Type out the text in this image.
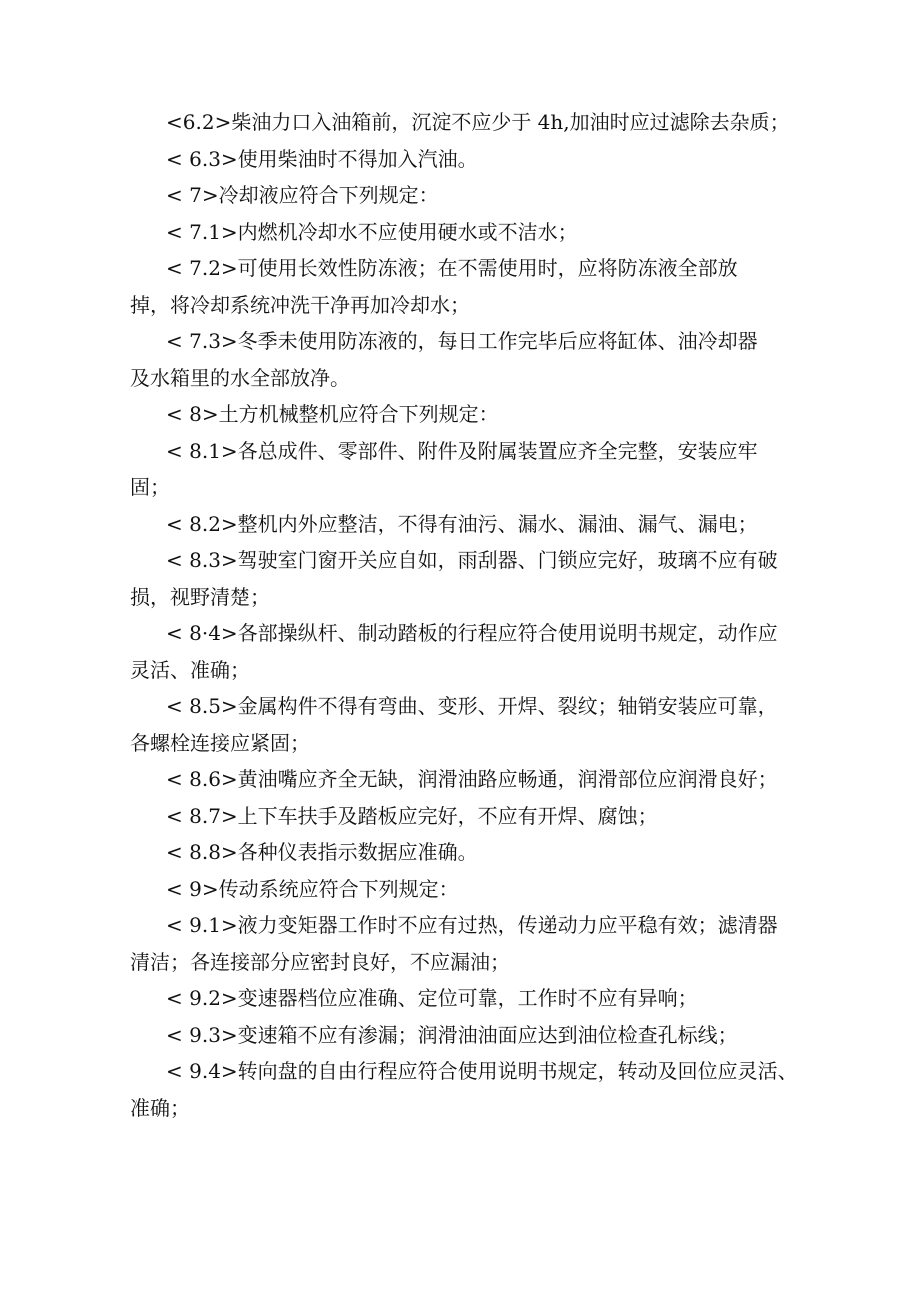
<6.2>柴油力口入油箱前，沉淀不应少于 4h,加油时应过滤除去杂质；

< 6.3>使用柴油时不得加入汽油。

< 7>冷却液应符合下列规定：

< 7.1>内燃机冷却水不应使用硬水或不洁水；

< 7.2>可使用长效性防冻液；在不需使用时，应将防冻液全部放
掉，将冷却系统冲洗干净再加冷却水；

< 7.3>冬季未使用防冻液的，每日工作完毕后应将缸体、油冷却器
及水箱里的水全部放净。

< 8>土方机械整机应符合下列规定：

< 8.1>各总成件、零部件、附件及附属装置应齐全完整，安装应牢
固；

< 8.2>整机内外应整洁，不得有油污、漏水、漏油、漏气、漏电；

< 8.3>驾驶室门窗开关应自如，雨刮器、门锁应完好，玻璃不应有破
损，视野清楚；

< 8·4>各部操纵杆、制动踏板的行程应符合使用说明书规定，动作应
灵活、准确；

< 8.5>金属构件不得有弯曲、变形、开焊、裂纹；轴销安装应可靠，
各螺栓连接应紧固；

< 8.6>黄油嘴应齐全无缺，润滑油路应畅通，润滑部位应润滑良好；

< 8.7>上下车扶手及踏板应完好，不应有开焊、腐蚀；

< 8.8>各种仪表指示数据应准确。

< 9>传动系统应符合下列规定：

< 9.1>液力变矩器工作时不应有过热，传递动力应平稳有效；滤清器
清洁；各连接部分应密封良好，不应漏油；

< 9.2>变速器档位应准确、定位可靠，工作时不应有异响；

< 9.3>变速箱不应有渗漏；润滑油油面应达到油位检查孔标线；

< 9.4>转向盘的自由行程应符合使用说明书规定，转动及回位应灵活、
准确；
